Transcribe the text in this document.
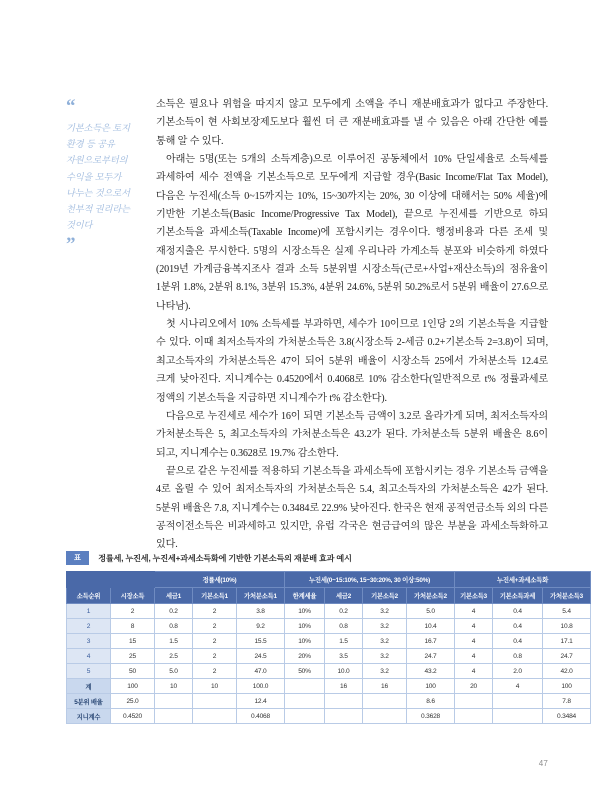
“
기본소득은 토지
환경 등 공유
자원으로부터의
수익을 모두가
나누는 것으로서
천부적 권리라는
것이다
”

소득은 필요나 위험을 따지지 않고 모두에게 소액을 주니 재분배효과가 없다고 주장한다. 기본소득이 현 사회보장제도보다 훨씬 더 큰 재분배효과를 낼 수 있음은 아래 간단한 예를 통해 알 수 있다.

아래는 5명(또는 5개의 소득계층)으로 이루어진 공동체에서 10% 단일세율로 소득세를 과세하여 세수 전액을 기본소득으로 모두에게 지급할 경우(Basic Income/Flat Tax Model), 다음은 누진세(소득 0~15까지는 10%, 15~30까지는 20%, 30 이상에 대해서는 50% 세율)에 기반한 기본소득(Basic Income/Progressive Tax Model), 끝으로 누진세를 기반으로 하되 기본소득을 과세소득(Taxable Income)에 포함시키는 경우이다. 행정비용과 다른 조세 및 재정지출은 무시한다. 5명의 시장소득은 실제 우리나라 가계소득 분포와 비슷하게 하였다(2019년 가계금융복지조사 결과 소득 5분위별 시장소득(근로+사업+재산소득)의 점유율이 1분위 1.8%, 2분위 8.1%, 3분위 15.3%, 4분위 24.6%, 5분위 50.2%로서 5분위 배율이 27.6으로 나타남).

첫 시나리오에서 10% 소득세를 부과하면, 세수가 10이므로 1인당 2의 기본소득을 지급할 수 있다. 이때 최저소득자의 가처분소득은 3.8(시장소득 2-세금 0.2+기본소득 2=3.8)이 되며, 최고소득자의 가처분소득은 47이 되어 5분위 배율이 시장소득 25에서 가처분소득 12.4로 크게 낮아진다. 지니계수는 0.4520에서 0.4068로 10% 감소한다(일반적으로 t% 정률과세로 정액의 기본소득을 지급하면 지니계수가 t% 감소한다).

다음으로 누진세로 세수가 16이 되면 기본소득 금액이 3.2로 올라가게 되며, 최저소득자의 가처분소득은 5, 최고소득자의 가처분소득은 43.2가 된다. 가처분소득 5분위 배율은 8.6이 되고, 지니계수는 0.3628로 19.7% 감소한다.

끝으로 같은 누진세를 적용하되 기본소득을 과세소득에 포함시키는 경우 기본소득 금액을 4로 올릴 수 있어 최저소득자의 가처분소득은 5.4, 최고소득자의 가처분소득은 42가 된다. 5분위 배율은 7.8, 지니계수는 0.3484로 22.9% 낮아진다. 한국은 현재 공적연금소득 외의 다른 공적이전소득은 비과세하고 있지만, 유럽 각국은 현금급여의 많은 부분을 과세소득화하고 있다.

표	정률세, 누진세, 누진세+과세소득화에 기반한 기본소득의 재분배 효과 예시
		정률세(10%)			누진세(0~15:10%, 15~30:20%, 30 이상:50%)				누진세+과세소득화		
소득순위	시장소득	세금1	기본소득1	가처분소득1	한계세율	세금2	기본소득2	가처분소득2	기본소득3	기본소득과세	가처분소득3
1	2	0.2	2	3.8	10%	0.2	3.2	5.0	4	0.4	5.4
2	8	0.8	2	9.2	10%	0.8	3.2	10.4	4	0.4	10.8
3	15	1.5	2	15.5	10%	1.5	3.2	16.7	4	0.4	17.1
4	25	2.5	2	24.5	20%	3.5	3.2	24.7	4	0.8	24.7
5	50	5.0	2	47.0	50%	10.0	3.2	43.2	4	2.0	42.0
계	100	10	10	100.0		16	16	100	20	4	100
5분위 배율	25.0			12.4				8.6			7.8
지니계수	0.4520			0.4068				0.3628			0.3484
47
